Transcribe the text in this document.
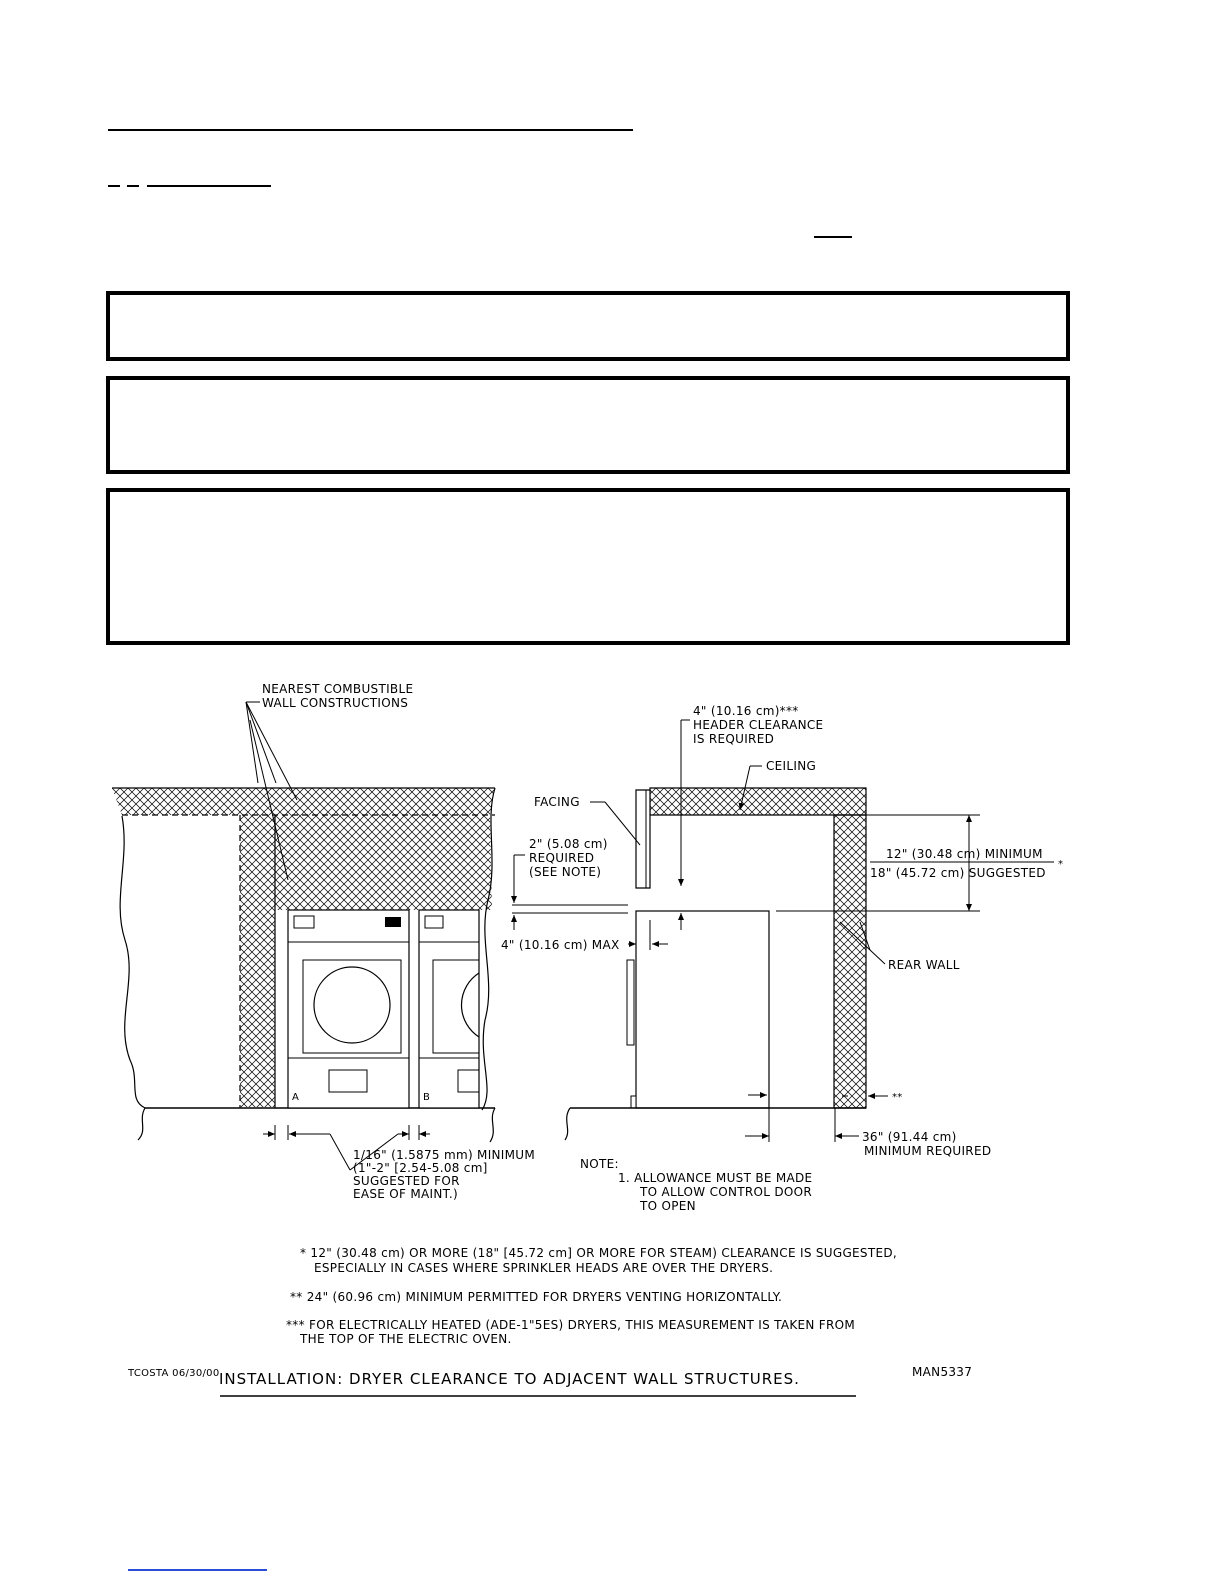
A	B
NEAREST COMBUSTIBLE
WALL CONSTRUCTIONS
1/16" (1.5875 mm) MINIMUM
(1"-2" [2.54-5.08 cm]
SUGGESTED FOR
EASE OF MAINT.)
4" (10.16 cm)***
HEADER CLEARANCE
IS REQUIRED
CEILING
FACING
2" (5.08 cm)
REQUIRED
(SEE NOTE)
4" (10.16 cm) MAX
12" (30.48 cm) MINIMUM
18" (45.72 cm) SUGGESTED
*
REAR WALL
**
36" (91.44 cm)
MINIMUM REQUIRED
NOTE:
1. ALLOWANCE MUST BE MADE
TO ALLOW CONTROL DOOR
TO OPEN
* 12" (30.48 cm) OR MORE (18" [45.72 cm] OR MORE FOR STEAM) CLEARANCE IS SUGGESTED,
ESPECIALLY IN CASES WHERE SPRINKLER HEADS ARE OVER THE DRYERS.
** 24" (60.96 cm) MINIMUM PERMITTED FOR DRYERS VENTING HORIZONTALLY.
*** FOR ELECTRICALLY HEATED (ADE-1"5ES) DRYERS, THIS MEASUREMENT IS TAKEN FROM
THE TOP OF THE ELECTRIC OVEN.
TCOSTA 06/30/00 INSTALLATION: DRYER CLEARANCE TO ADJACENT WALL STRUCTURES.	MAN5337
